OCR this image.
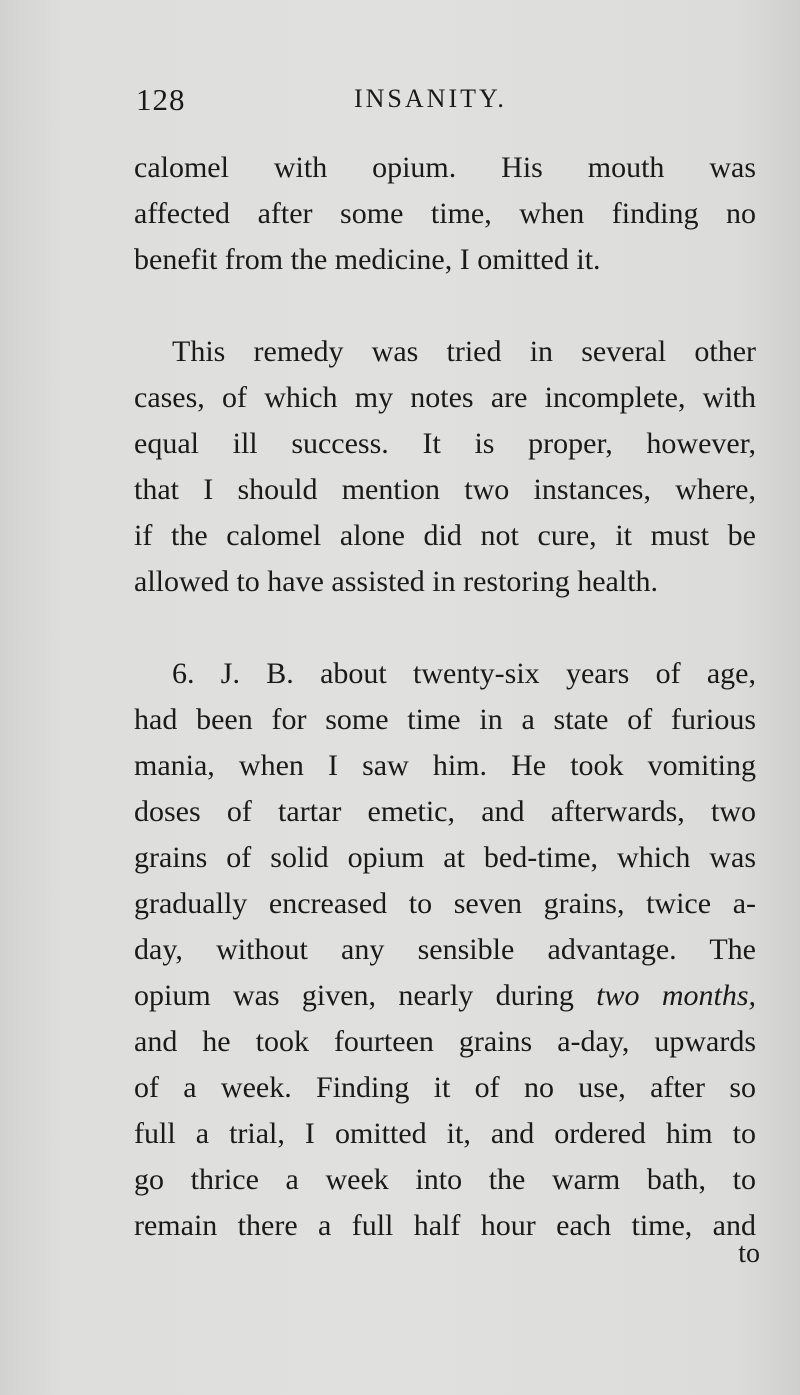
128	INSANITY.
calomel with opium. His mouth was
affected after some time, when finding no
benefit from the medicine, I omitted it.
This remedy was tried in several other
cases, of which my notes are incomplete, with
equal ill success. It is proper, however,
that I should mention two instances, where,
if the calomel alone did not cure, it must be
allowed to have assisted in restoring health.
6. J. B. about twenty-six years of age,
had been for some time in a state of furious
mania, when I saw him. He took vomiting
doses of tartar emetic, and afterwards, two
grains of solid opium at bed-time, which was
gradually encreased to seven grains, twice a-
day, without any sensible advantage. The
opium was given, nearly during two months,
and he took fourteen grains a-day, upwards
of a week. Finding it of no use, after so
full a trial, I omitted it, and ordered him to
go thrice a week into the warm bath, to
remain there a full half hour each time, and
to
